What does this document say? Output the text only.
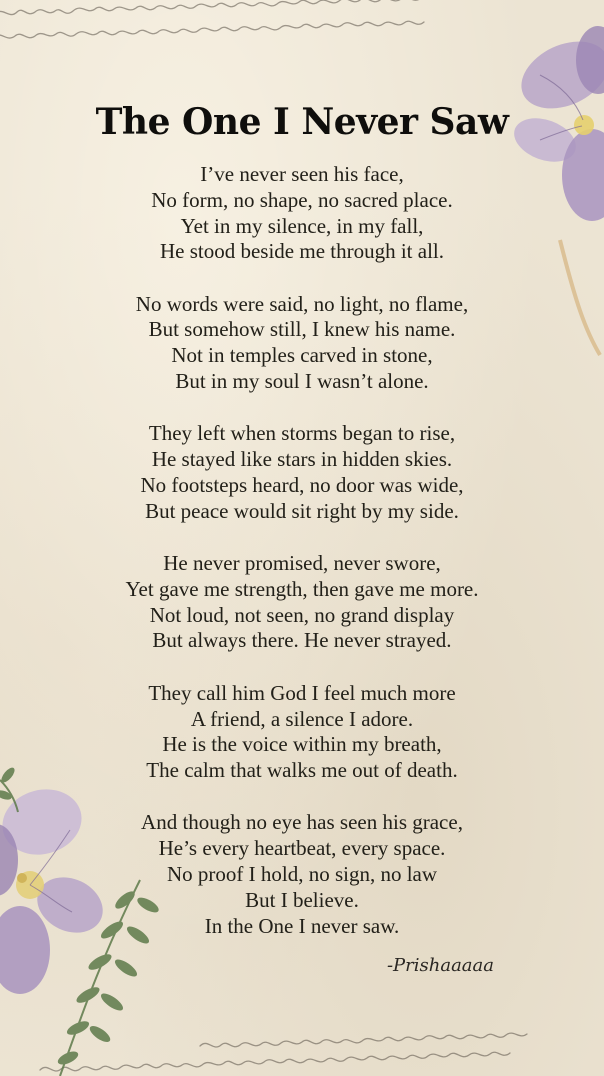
The One I Never Saw
I’ve never seen his face,
No form, no shape, no sacred place.
Yet in my silence, in my fall,
He stood beside me through it all.
No words were said, no light, no flame,
But somehow still, I knew his name.
Not in temples carved in stone,
But in my soul I wasn’t alone.
They left when storms began to rise,
He stayed like stars in hidden skies.
No footsteps heard, no door was wide,
But peace would sit right by my side.
He never promised, never swore,
Yet gave me strength, then gave me more.
Not loud, not seen, no grand display
But always there. He never strayed.
They call him God I feel much more
A friend, a silence I adore.
He is the voice within my breath,
The calm that walks me out of death.
And though no eye has seen his grace,
He’s every heartbeat, every space.
No proof I hold, no sign, no law
But I believe.
In the One I never saw.
-Prishaaaaa
